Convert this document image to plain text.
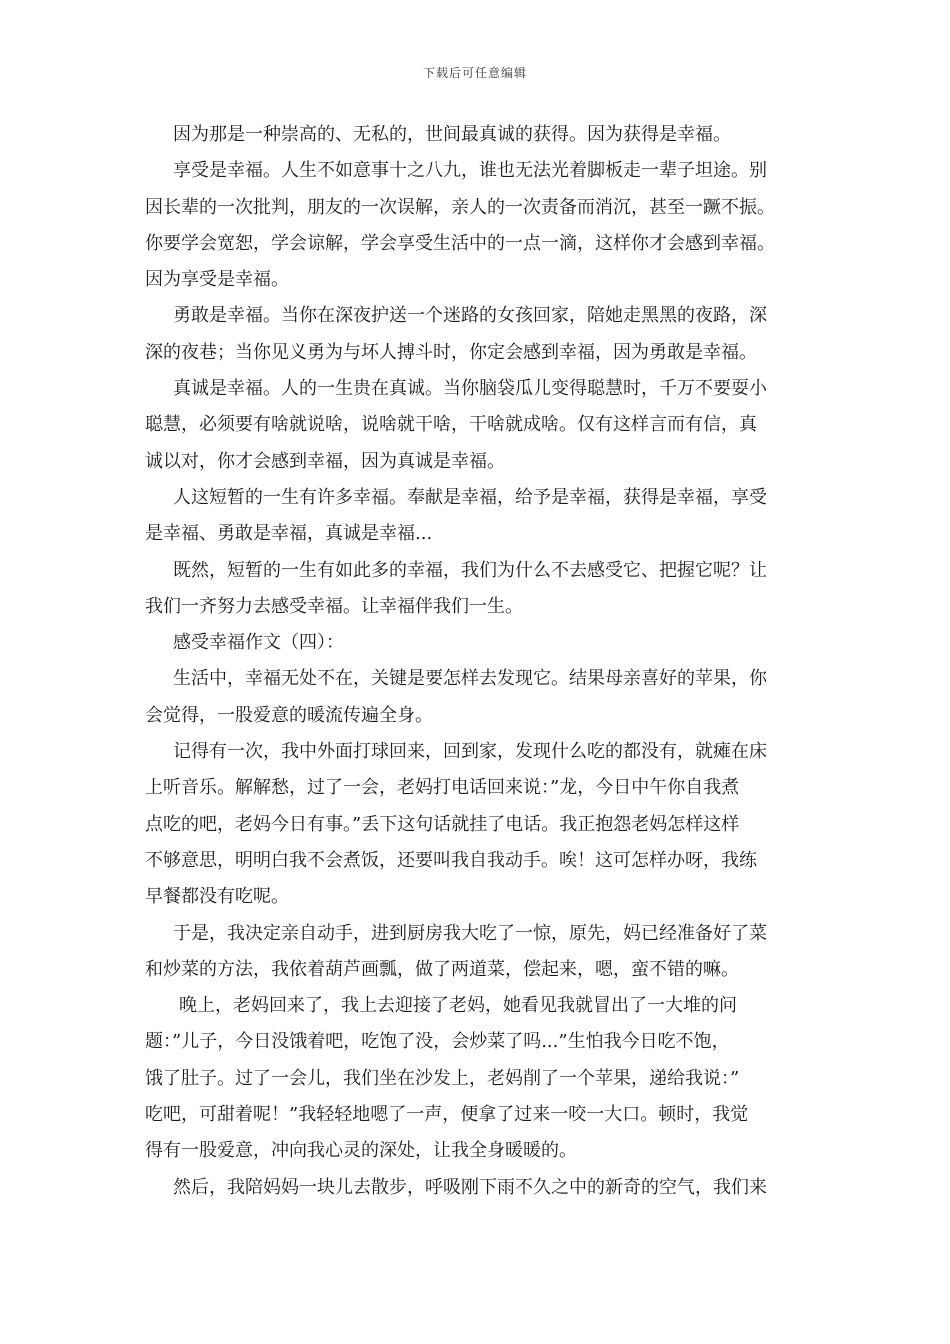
下载后可任意编辑
因为那是一种崇高的、无私的，世间最真诚的获得。因为获得是幸福。
享受是幸福。人生不如意事十之八九，谁也无法光着脚板走一辈子坦途。别
因长辈的一次批判，朋友的一次误解，亲人的一次责备而消沉，甚至一蹶不振。
你要学会宽恕，学会谅解，学会享受生活中的一点一滴，这样你才会感到幸福。
因为享受是幸福。
勇敢是幸福。当你在深夜护送一个迷路的女孩回家，陪她走黑黑的夜路，深
深的夜巷；当你见义勇为与坏人搏斗时，你定会感到幸福，因为勇敢是幸福。
真诚是幸福。人的一生贵在真诚。当你脑袋瓜儿变得聪慧时，千万不要耍小
聪慧，必须要有啥就说啥，说啥就干啥，干啥就成啥。仅有这样言而有信，真
诚以对，你才会感到幸福，因为真诚是幸福。
人这短暂的一生有许多幸福。奉献是幸福，给予是幸福，获得是幸福，享受
是幸福、勇敢是幸福，真诚是幸福...
既然，短暂的一生有如此多的幸福，我们为什么不去感受它、把握它呢？让
我们一齐努力去感受幸福。让幸福伴我们一生。
感受幸福作文（四）：
生活中，幸福无处不在，关键是要怎样去发现它。结果母亲喜好的苹果，你
会觉得，一股爱意的暖流传遍全身。
记得有一次，我中外面打球回来，回到家，发现什么吃的都没有，就瘫在床
上听音乐。解解愁，过了一会，老妈打电话回来说：”龙，今日中午你自我煮
点吃的吧，老妈今日有事。”丢下这句话就挂了电话。我正抱怨老妈怎样这样
不够意思，明明白我不会煮饭，还要叫我自我动手。唉！这可怎样办呀，我练
早餐都没有吃呢。
于是，我决定亲自动手，进到厨房我大吃了一惊，原先，妈已经准备好了菜
和炒菜的方法，我依着葫芦画瓢，做了两道菜，偿起来，嗯，蛮不错的嘛。
晚上，老妈回来了，我上去迎接了老妈，她看见我就冒出了一大堆的问
题：”儿子，今日没饿着吧，吃饱了没，会炒菜了吗...”生怕我今日吃不饱，
饿了肚子。过了一会儿，我们坐在沙发上，老妈削了一个苹果，递给我说：”
吃吧，可甜着呢！”我轻轻地嗯了一声，便拿了过来一咬一大口。顿时，我觉
得有一股爱意，冲向我心灵的深处，让我全身暖暖的。
然后，我陪妈妈一块儿去散步，呼吸刚下雨不久之中的新奇的空气，我们来
